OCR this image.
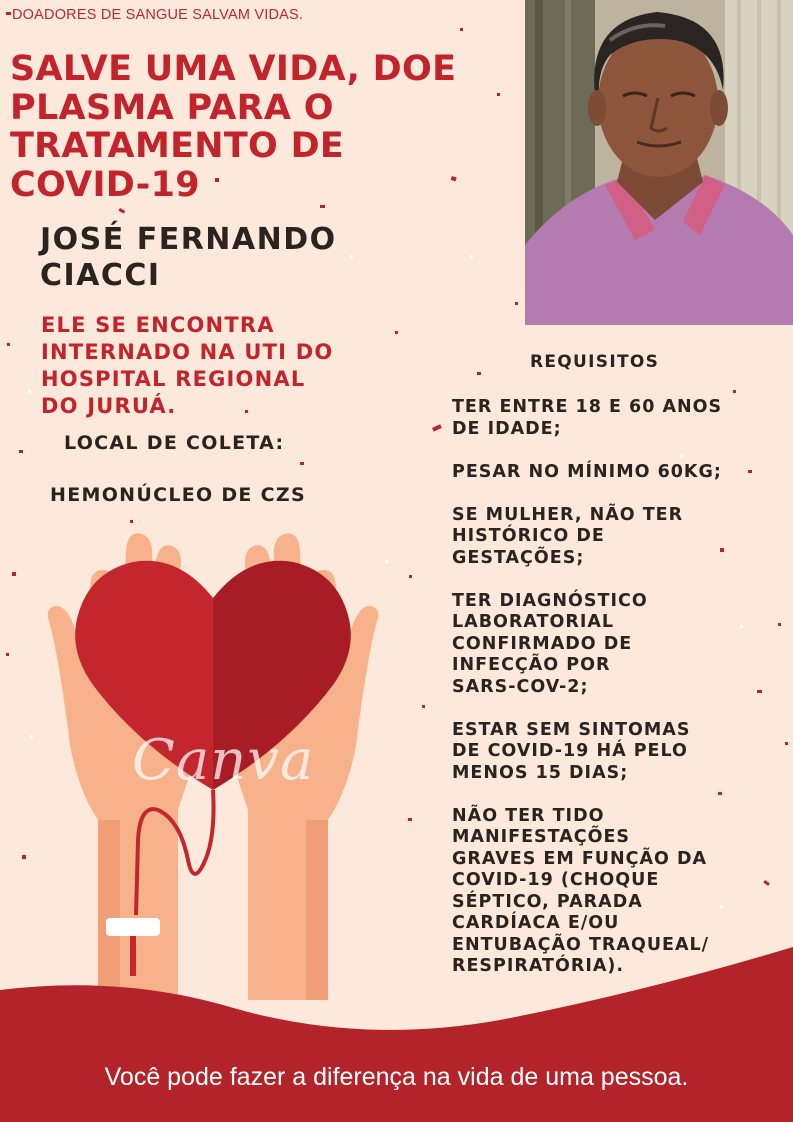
DOADORES DE SANGUE SALVAM VIDAS.
SALVE UMA VIDA, DOE
PLASMA PARA O
TRATAMENTO DE
COVID-19
JOSÉ FERNANDO
CIACCI
ELE SE ENCONTRA
INTERNADO NA UTI DO
HOSPITAL REGIONAL
DO JURUÁ.
LOCAL DE COLETA:
HEMONÚCLEO DE CZS
Canva
REQUISITOS
TER ENTRE 18 E 60 ANOS
DE IDADE;
PESAR NO MÍNIMO 60KG;
SE MULHER, NÃO TER
HISTÓRICO DE
GESTAÇÕES;
TER DIAGNÓSTICO
LABORATORIAL
CONFIRMADO DE
INFECÇÃO POR
SARS-COV-2;
ESTAR SEM SINTOMAS
DE COVID-19 HÁ PELO
MENOS 15 DIAS;
NÃO TER TIDO
MANIFESTAÇÕES
GRAVES EM FUNÇÃO DA
COVID-19 (CHOQUE
SÉPTICO, PARADA
CARDÍACA E/OU
ENTUBAÇÃO TRAQUEAL/
RESPIRATÓRIA).
Você pode fazer a diferença na vida de uma pessoa.
